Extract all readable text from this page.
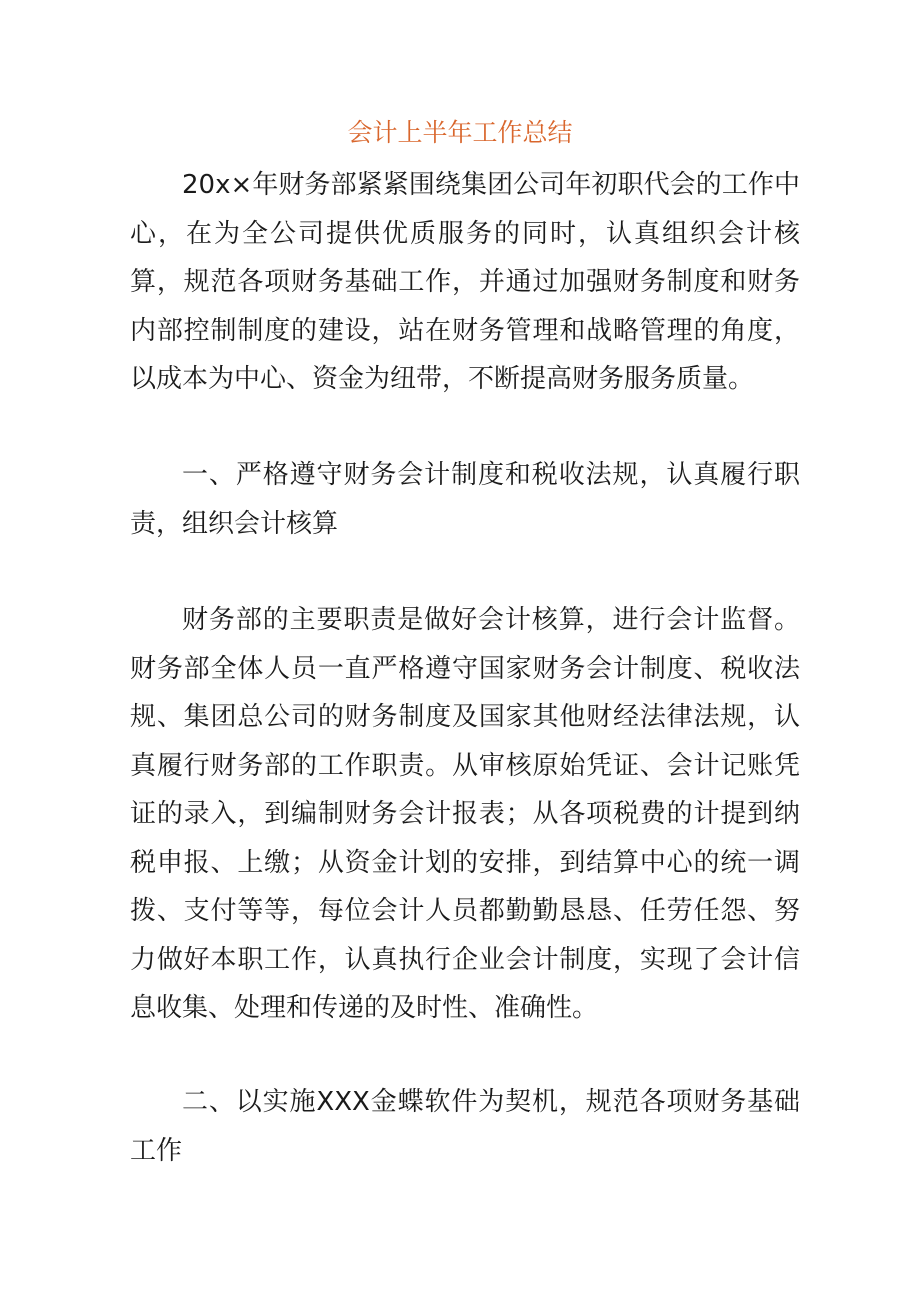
会计上半年工作总结

20x×年财务部紧紧围绕集团公司年初职代会的工作中心，在为全公司提供优质服务的同时，认真组织会计核算，规范各项财务基础工作，并通过加强财务制度和财务内部控制制度的建设，站在财务管理和战略管理的角度，以成本为中心、资金为纽带，不断提高财务服务质量。

一、严格遵守财务会计制度和税收法规，认真履行职责，组织会计核算

财务部的主要职责是做好会计核算，进行会计监督。财务部全体人员一直严格遵守国家财务会计制度、税收法规、集团总公司的财务制度及国家其他财经法律法规，认真履行财务部的工作职责。从审核原始凭证、会计记账凭证的录入，到编制财务会计报表；从各项税费的计提到纳税申报、上缴；从资金计划的安排，到结算中心的统一调拨、支付等等，每位会计人员都勤勤恳恳、任劳任怨、努力做好本职工作，认真执行企业会计制度，实现了会计信息收集、处理和传递的及时性、准确性。

二、以实施XXX金蝶软件为契机，规范各项财务基础工作
